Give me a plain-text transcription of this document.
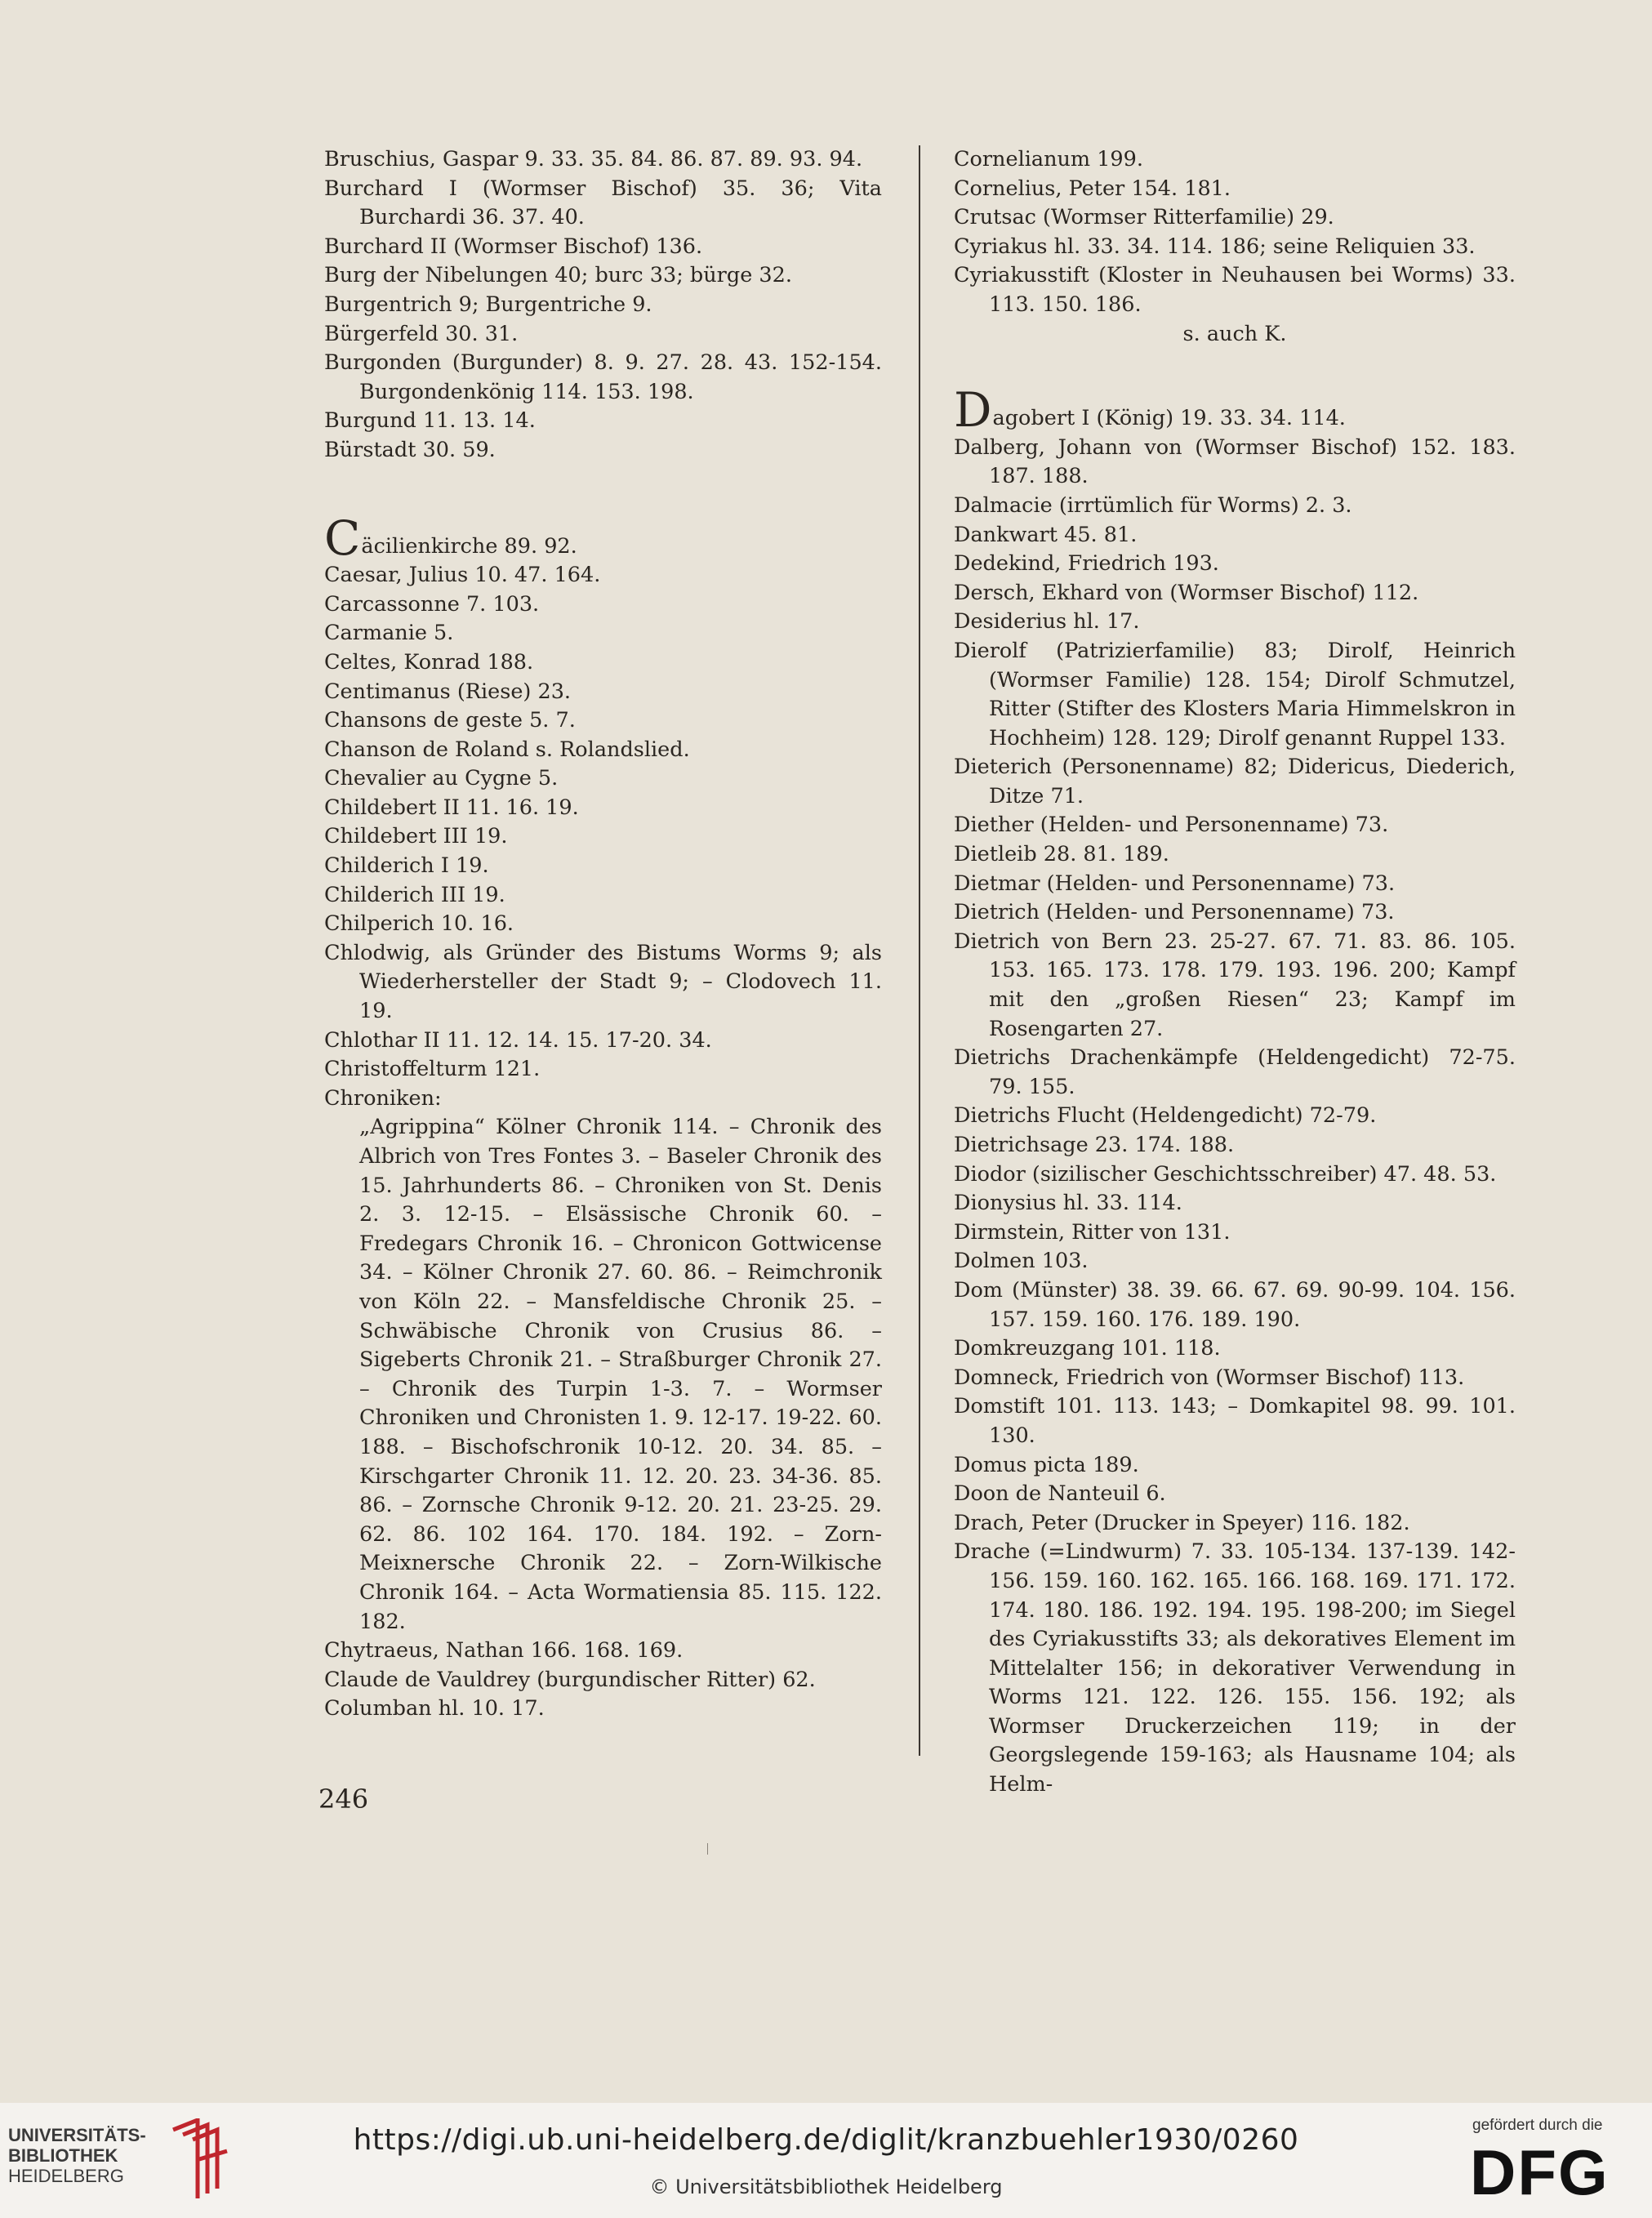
Bruschius, Gaspar 9. 33. 35. 84. 86. 87. 89. 93. 94.

Burchard I (Wormser Bischof) 35. 36; Vita Burchardi 36. 37. 40.

Burchard II (Wormser Bischof) 136.

Burg der Nibelungen 40; burc 33; bürge 32.

Burgentrich 9; Burgentriche 9.

Bürgerfeld 30. 31.

Burgonden (Burgunder) 8. 9. 27. 28. 43. 152-154. Burgondenkönig 114. 153. 198.

Burgund 11. 13. 14.

Bürstadt 30. 59.

Cäcilienkirche 89. 92.

Caesar, Julius 10. 47. 164.

Carcassonne 7. 103.

Carmanie 5.

Celtes, Konrad 188.

Centimanus (Riese) 23.

Chansons de geste 5. 7.

Chanson de Roland s. Rolandslied.

Chevalier au Cygne 5.

Childebert II 11. 16. 19.

Childebert III 19.

Childerich I 19.

Childerich III 19.

Chilperich 10. 16.

Chlodwig, als Gründer des Bistums Worms 9; als Wiederhersteller der Stadt 9; – Clodovech 11. 19.

Chlothar II 11. 12. 14. 15. 17-20. 34.

Christoffelturm 121.

Chroniken:

„Agrippina“ Kölner Chronik 114. – Chronik des Albrich von Tres Fontes 3. – Baseler Chronik des 15. Jahrhunderts 86. – Chroniken von St. Denis 2. 3. 12-15. – Elsässische Chronik 60. – Fredegars Chronik 16. – Chronicon Gottwicense 34. – Kölner Chronik 27. 60. 86. – Reimchronik von Köln 22. – Mansfeldische Chronik 25. – Schwäbische Chronik von Crusius 86. – Sigeberts Chronik 21. – Straßburger Chronik 27. – Chronik des Turpin 1-3. 7. – Wormser Chroniken und Chronisten 1. 9. 12-17. 19-22. 60. 188. – Bischofschronik 10-12. 20. 34. 85. – Kirschgarter Chronik 11. 12. 20. 23. 34-36. 85. 86. – Zornsche Chronik 9-12. 20. 21. 23-25. 29. 62. 86. 102 164. 170. 184. 192. – Zorn-Meixnersche Chronik 22. – Zorn-Wilkische Chronik 164. – Acta Wormatiensia 85. 115. 122. 182.

Chytraeus, Nathan 166. 168. 169.

Claude de Vauldrey (burgundischer Ritter) 62.

Columban hl. 10. 17.

Cornelianum 199.

Cornelius, Peter 154. 181.

Crutsac (Wormser Ritterfamilie) 29.

Cyriakus hl. 33. 34. 114. 186; seine Reliquien 33.

Cyriakusstift (Kloster in Neuhausen bei Worms) 33. 113. 150. 186.

s. auch K.

Dagobert I (König) 19. 33. 34. 114.

Dalberg, Johann von (Wormser Bischof) 152. 183. 187. 188.

Dalmacie (irrtümlich für Worms) 2. 3.

Dankwart 45. 81.

Dedekind, Friedrich 193.

Dersch, Ekhard von (Wormser Bischof) 112.

Desiderius hl. 17.

Dierolf (Patrizierfamilie) 83; Dirolf, Heinrich (Wormser Familie) 128. 154; Dirolf Schmutzel, Ritter (Stifter des Klosters Maria Himmelskron in Hochheim) 128. 129; Dirolf genannt Ruppel 133.

Dieterich (Personenname) 82; Didericus, Diederich, Ditze 71.

Diether (Helden- und Personenname) 73.

Dietleib 28. 81. 189.

Dietmar (Helden- und Personenname) 73.

Dietrich (Helden- und Personenname) 73.

Dietrich von Bern 23. 25-27. 67. 71. 83. 86. 105. 153. 165. 173. 178. 179. 193. 196. 200; Kampf mit den „großen Riesen“ 23; Kampf im Rosengarten 27.

Dietrichs Drachenkämpfe (Heldengedicht) 72-75. 79. 155.

Dietrichs Flucht (Heldengedicht) 72-79.

Dietrichsage 23. 174. 188.

Diodor (sizilischer Geschichtsschreiber) 47. 48. 53.

Dionysius hl. 33. 114.

Dirmstein, Ritter von 131.

Dolmen 103.

Dom (Münster) 38. 39. 66. 67. 69. 90-99. 104. 156. 157. 159. 160. 176. 189. 190.

Domkreuzgang 101. 118.

Domneck, Friedrich von (Wormser Bischof) 113.

Domstift 101. 113. 143; – Domkapitel 98. 99. 101. 130.

Domus picta 189.

Doon de Nanteuil 6.

Drach, Peter (Drucker in Speyer) 116. 182.

Drache (=Lindwurm) 7. 33. 105-134. 137-139. 142-156. 159. 160. 162. 165. 166. 168. 169. 171. 172. 174. 180. 186. 192. 194. 195. 198-200; im Siegel des Cyriakusstifts 33; als dekoratives Element im Mittelalter 156; in dekorativer Verwendung in Worms 121. 122. 126. 155. 156. 192; als Wormser Druckerzeichen 119; in der Georgslegende 159-163; als Hausname 104; als Helm-

246
UNIVERSITÄTS-
BIBLIOTHEK
HEIDELBERG
https://digi.ub.uni-heidelberg.de/diglit/kranzbuehler1930/0260
© Universitätsbibliothek Heidelberg
gefördert durch die
DFG
